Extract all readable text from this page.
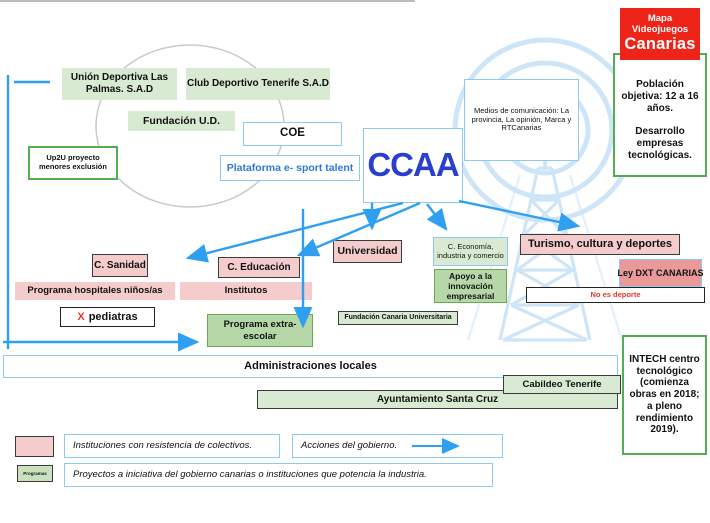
Unión Deportiva Las Palmas. S.A.D
Club Deportivo Tenerife S.A.D
Fundación U.D.
COE
Up2U proyecto menores exclusión	Plataforma e- sport talent CCAA
Medios de comunicación: La provincia, La opinión, Marca y RTCanarias
Mapa Videojuegos
Canarias
Población objetiva: 12 a 16 años.
Desarrollo empresas tecnológicas.
C. Sanidad	C. Educación
Programa hospitales niños/as	Institutos
X pediatras
Programa extra-escolar
Universidad	C. Economía, industria y comercio
Turismo, cultura y deportes
Apoyo a la innovación empresarial
Ley DXT CANARIAS
No es deporte
Fundación Canaria Universitaria
Administraciones locales
Cabildeo Tenerife
Ayuntamiento Santa Cruz
INTECH centro tecnológico (comienza obras en 2018; a pleno rendimiento 2019).
Instituciones con resistencia de colectivos.	Acciones del gobierno.
Programas	Proyectos a iniciativa del gobierno canarias o instituciones que potencia la industria.
